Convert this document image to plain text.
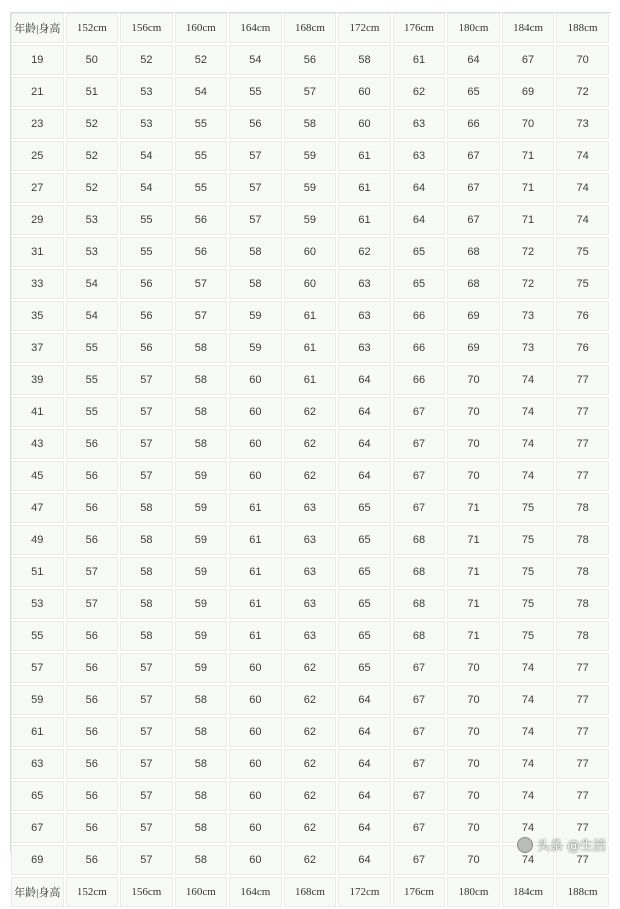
年龄|身高	152cm	156cm	160cm	164cm	168cm	172cm	176cm	180cm	184cm	188cm
19	50	52	52	54	56	58	61	64	67	70
21	51	53	54	55	57	60	62	65	69	72
23	52	53	55	56	58	60	63	66	70	73
25	52	54	55	57	59	61	63	67	71	74
27	52	54	55	57	59	61	64	67	71	74
29	53	55	56	57	59	61	64	67	71	74
31	53	55	56	58	60	62	65	68	72	75
33	54	56	57	58	60	63	65	68	72	75
35	54	56	57	59	61	63	66	69	73	76
37	55	56	58	59	61	63	66	69	73	76
39	55	57	58	60	61	64	66	70	74	77
41	55	57	58	60	62	64	67	70	74	77
43	56	57	58	60	62	64	67	70	74	77
45	56	57	59	60	62	64	67	70	74	77
47	56	58	59	61	63	65	67	71	75	78
49	56	58	59	61	63	65	68	71	75	78
51	57	58	59	61	63	65	68	71	75	78
53	57	58	59	61	63	65	68	71	75	78
55	56	58	59	61	63	65	68	71	75	78
57	56	57	59	60	62	65	67	70	74	77
59	56	57	58	60	62	64	67	70	74	77
61	56	57	58	60	62	64	67	70	74	77
63	56	57	58	60	62	64	67	70	74	77
65	56	57	58	60	62	64	67	70	74	77
67	56	57	58	60	62	64	67	70	74	77
69	56	57	58	60	62	64	67	70	74	77
年龄|身高	152cm	156cm	160cm	164cm	168cm	172cm	176cm	180cm	184cm	188cm
头条 @生活
